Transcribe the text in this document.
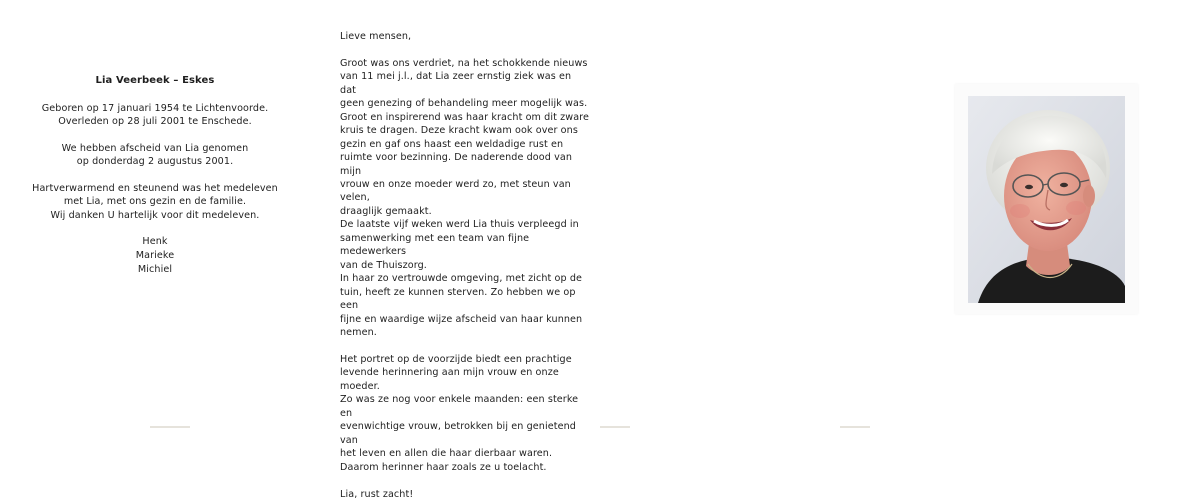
Lia Veerbeek – Eskes

Geboren op 17 januari 1954 te Lichtenvoorde.
Overleden op 28 juli 2001 te Enschede.

We hebben afscheid van Lia genomen
op donderdag 2 augustus 2001.

Hartverwarmend en steunend was het medeleven
met Lia, met ons gezin en de familie.
Wij danken U hartelijk voor dit medeleven.

Henk
Marieke
Michiel

Lieve mensen,

Groot was ons verdriet, na het schokkende nieuws

van 11 mei j.l., dat Lia zeer ernstig ziek was en dat

geen genezing of behandeling meer mogelijk was.

Groot en inspirerend was haar kracht om dit zware

kruis te dragen. Deze kracht kwam ook over ons

gezin en gaf ons haast een weldadige rust en

ruimte voor bezinning. De naderende dood van mijn

vrouw en onze moeder werd zo, met steun van velen,

draaglijk gemaakt.

De laatste vijf weken werd Lia thuis verpleegd in

samenwerking met een team van fijne medewerkers

van de Thuiszorg.

In haar zo vertrouwde omgeving, met zicht op de

tuin, heeft ze kunnen sterven. Zo hebben we op een

fijne en waardige wijze afscheid van haar kunnen

nemen.

Het portret op de voorzijde biedt een prachtige

levende herinnering aan mijn vrouw en onze moeder.

Zo was ze nog voor enkele maanden: een sterke en

evenwichtige vrouw, betrokken bij en genietend van

het leven en allen die haar dierbaar waren.

Daarom herinner haar zoals ze u toelacht.

Lia, rust zacht!
